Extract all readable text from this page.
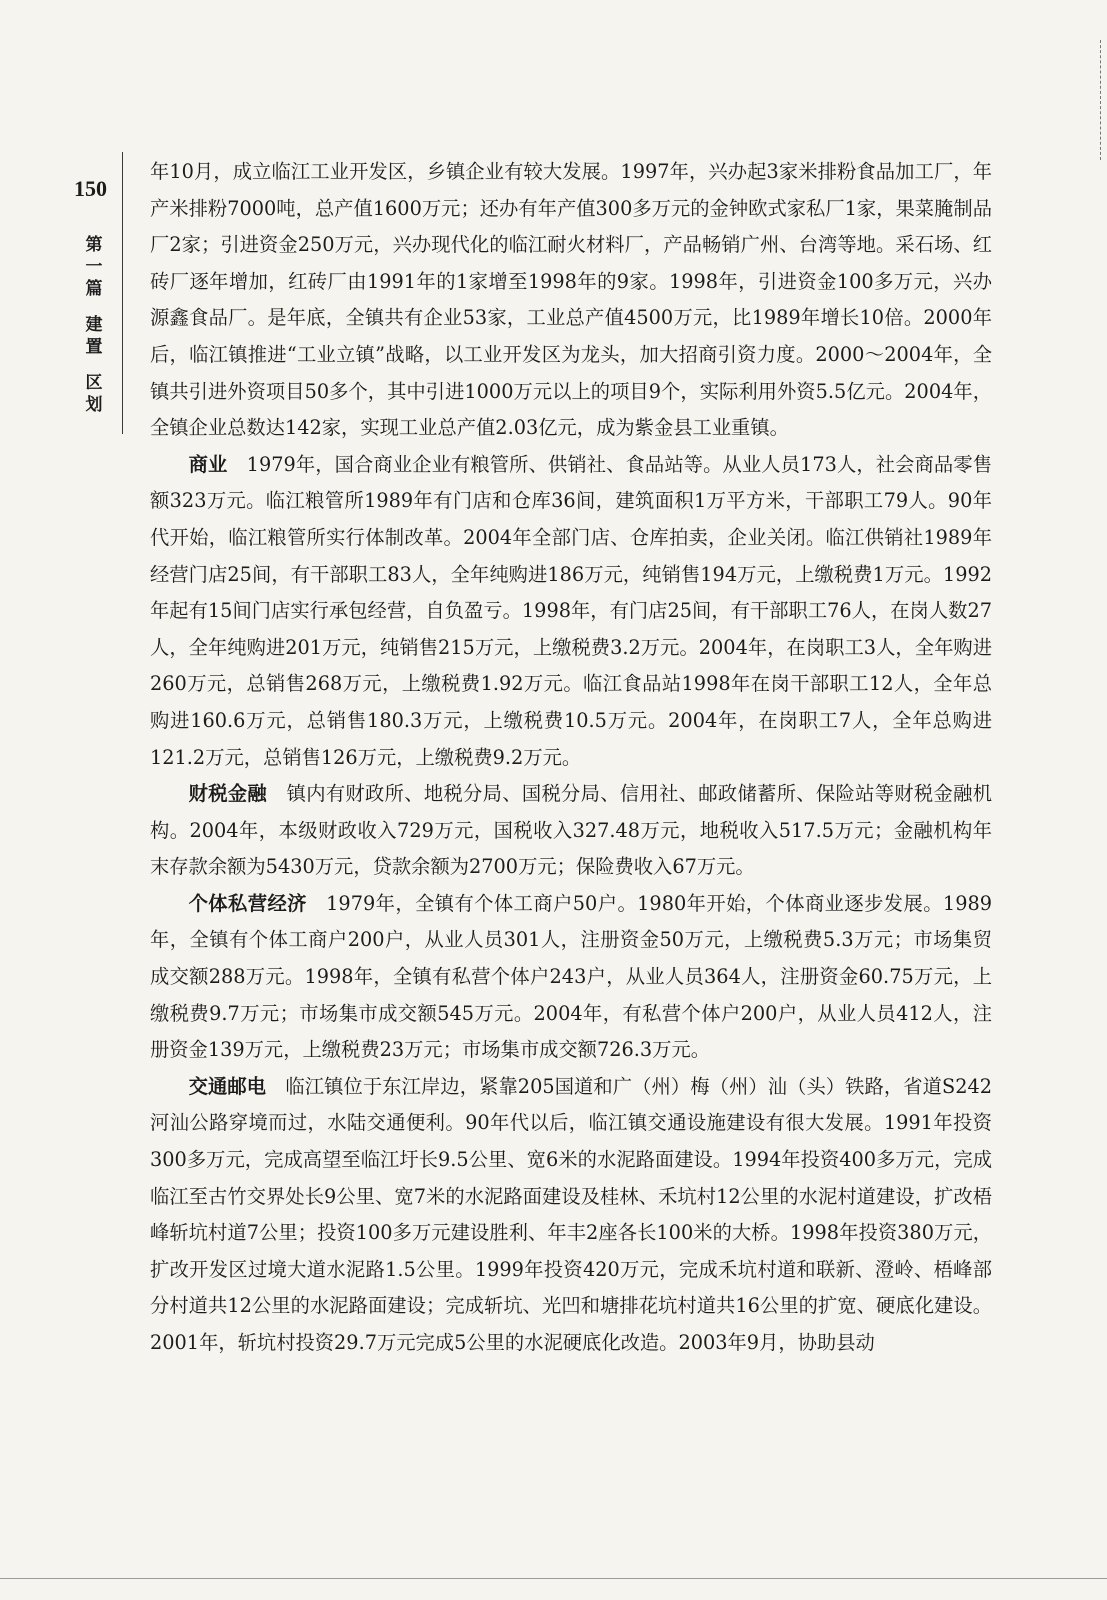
150
第
一
篇
建
置
区
划

年10月，成立临江工业开发区，乡镇企业有较大发展。1997年，兴办起3家米排粉食品加工厂，年产米排粉7000吨，总产值1600万元；还办有年产值300多万元的金钟欧式家私厂1家，果菜腌制品厂2家；引进资金250万元，兴办现代化的临江耐火材料厂，产品畅销广州、台湾等地。采石场、红砖厂逐年增加，红砖厂由1991年的1家增至1998年的9家。1998年，引进资金100多万元，兴办源鑫食品厂。是年底，全镇共有企业53家，工业总产值4500万元，比1989年增长10倍。2000年后，临江镇推进“工业立镇”战略，以工业开发区为龙头，加大招商引资力度。2000～2004年，全镇共引进外资项目50多个，其中引进1000万元以上的项目9个，实际利用外资5.5亿元。2004年，全镇企业总数达142家，实现工业总产值2.03亿元，成为紫金县工业重镇。

商业  1979年，国合商业企业有粮管所、供销社、食品站等。从业人员173人，社会商品零售额323万元。临江粮管所1989年有门店和仓库36间，建筑面积1万平方米，干部职工79人。90年代开始，临江粮管所实行体制改革。2004年全部门店、仓库拍卖，企业关闭。临江供销社1989年经营门店25间，有干部职工83人，全年纯购进186万元，纯销售194万元，上缴税费1万元。1992年起有15间门店实行承包经营，自负盈亏。1998年，有门店25间，有干部职工76人，在岗人数27人，全年纯购进201万元，纯销售215万元，上缴税费3.2万元。2004年，在岗职工3人，全年购进260万元，总销售268万元，上缴税费1.92万元。临江食品站1998年在岗干部职工12人，全年总购进160.6万元，总销售180.3万元，上缴税费10.5万元。2004年，在岗职工7人，全年总购进121.2万元，总销售126万元，上缴税费9.2万元。

财税金融  镇内有财政所、地税分局、国税分局、信用社、邮政储蓄所、保险站等财税金融机构。2004年，本级财政收入729万元，国税收入327.48万元，地税收入517.5万元；金融机构年末存款余额为5430万元，贷款余额为2700万元；保险费收入67万元。

个体私营经济  1979年，全镇有个体工商户50户。1980年开始，个体商业逐步发展。1989年，全镇有个体工商户200户，从业人员301人，注册资金50万元，上缴税费5.3万元；市场集贸成交额288万元。1998年，全镇有私营个体户243户，从业人员364人，注册资金60.75万元，上缴税费9.7万元；市场集市成交额545万元。2004年，有私营个体户200户，从业人员412人，注册资金139万元，上缴税费23万元；市场集市成交额726.3万元。

交通邮电  临江镇位于东江岸边，紧靠205国道和广（州）梅（州）汕（头）铁路，省道S242河汕公路穿境而过，水陆交通便利。90年代以后，临江镇交通设施建设有很大发展。1991年投资300多万元，完成高望至临江圩长9.5公里、宽6米的水泥路面建设。1994年投资400多万元，完成临江至古竹交界处长9公里、宽7米的水泥路面建设及桂林、禾坑村12公里的水泥村道建设，扩改梧峰斩坑村道7公里；投资100多万元建设胜利、年丰2座各长100米的大桥。1998年投资380万元，扩改开发区过境大道水泥路1.5公里。1999年投资420万元，完成禾坑村道和联新、澄岭、梧峰部分村道共12公里的水泥路面建设；完成斩坑、光凹和塘排花坑村道共16公里的扩宽、硬底化建设。2001年，斩坑村投资29.7万元完成5公里的水泥硬底化改造。2003年9月，协助县动
